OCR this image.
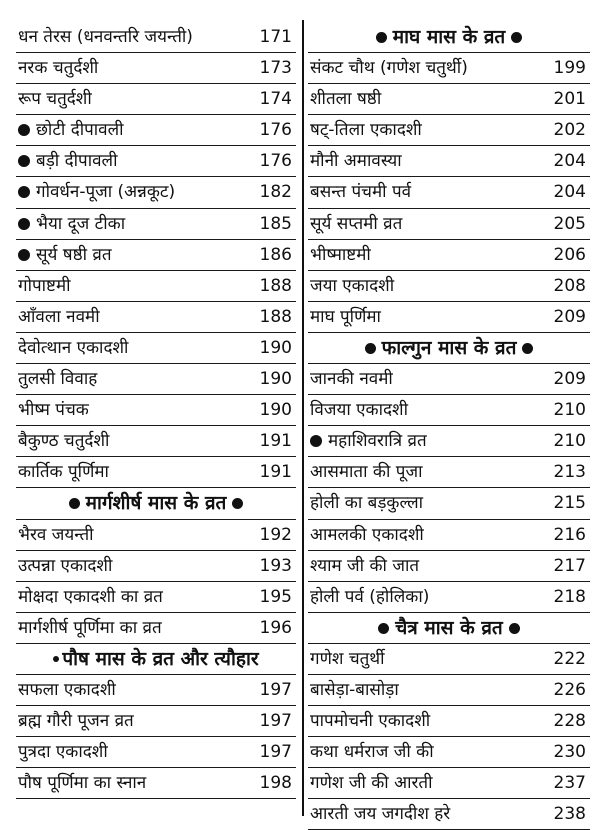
धन तेरस (धनवन्तरि जयन्ती)	171
नरक चतुर्दशी	173
रूप चतुर्दशी	174
छोटी दीपावली	176
बड़ी दीपावली	176
गोवर्धन-पूजा (अन्नकूट)	182
भैया दूज टीका	185
सूर्य षष्ठी व्रत	186
गोपाष्टमी	188
आँवला नवमी	188
देवोत्थान एकादशी	190
तुलसी विवाह	190
भीष्म पंचक	190
बैकुण्ठ चतुर्दशी	191
कार्तिक पूर्णिमा	191
मार्गशीर्ष मास के व्रत
भैरव जयन्ती	192
उत्पन्ना एकादशी	193
मोक्षदा एकादशी का व्रत	195
मार्गशीर्ष पूर्णिमा का व्रत	196
पौष मास के व्रत और त्यौहार
सफला एकादशी	197
ब्रह्म गौरी पूजन व्रत	197
पुत्रदा एकादशी	197
पौष पूर्णिमा का स्नान	198
माघ मास के व्रत
संकट चौथ (गणेश चतुर्थी)	199
शीतला षष्ठी	201
षट्-तिला एकादशी	202
मौनी अमावस्या	204
बसन्त पंचमी पर्व	204
सूर्य सप्तमी व्रत	205
भीष्माष्टमी	206
जया एकादशी	208
माघ पूर्णिमा	209
फाल्गुन मास के व्रत
जानकी नवमी	209
विजया एकादशी	210
महाशिवरात्रि व्रत	210
आसमाता की पूजा	213
होली का बड़कुल्ला	215
आमलकी एकादशी	216
श्याम जी की जात	217
होली पर्व (होलिका)	218
चैत्र मास के व्रत
गणेश चतुर्थी	222
बासेड़ा-बासोड़ा	226
पापमोचनी एकादशी	228
कथा धर्मराज जी की	230
गणेश जी की आरती	237
आरती जय जगदीश हरे	238
